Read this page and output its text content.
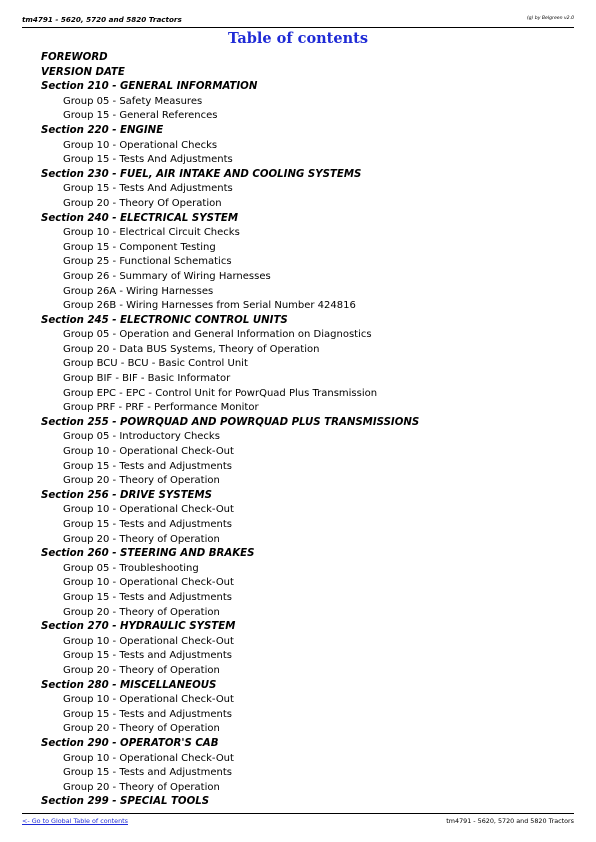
tm4791 - 5620, 5720 and 5820 Tractors	(g) by Belgreen v2.0
Table of contents
FOREWORD
VERSION DATE
Section 210 - GENERAL INFORMATION
Group 05 - Safety Measures
Group 15 - General References
Section 220 - ENGINE
Group 10 - Operational Checks
Group 15 - Tests And Adjustments
Section 230 - FUEL, AIR INTAKE AND COOLING SYSTEMS
Group 15 - Tests And Adjustments
Group 20 - Theory Of Operation
Section 240 - ELECTRICAL SYSTEM
Group 10 - Electrical Circuit Checks
Group 15 - Component Testing
Group 25 - Functional Schematics
Group 26 - Summary of Wiring Harnesses
Group 26A - Wiring Harnesses
Group 26B - Wiring Harnesses from Serial Number 424816
Section 245 - ELECTRONIC CONTROL UNITS
Group 05 - Operation and General Information on Diagnostics
Group 20 - Data BUS Systems, Theory of Operation
Group BCU - BCU - Basic Control Unit
Group BIF - BIF - Basic Informator
Group EPC - EPC - Control Unit for PowrQuad Plus Transmission
Group PRF - PRF - Performance Monitor
Section 255 - POWRQUAD AND POWRQUAD PLUS TRANSMISSIONS
Group 05 - Introductory Checks
Group 10 - Operational Check-Out
Group 15 - Tests and Adjustments
Group 20 - Theory of Operation
Section 256 - DRIVE SYSTEMS
Group 10 - Operational Check-Out
Group 15 - Tests and Adjustments
Group 20 - Theory of Operation
Section 260 - STEERING AND BRAKES
Group 05 - Troubleshooting
Group 10 - Operational Check-Out
Group 15 - Tests and Adjustments
Group 20 - Theory of Operation
Section 270 - HYDRAULIC SYSTEM
Group 10 - Operational Check-Out
Group 15 - Tests and Adjustments
Group 20 - Theory of Operation
Section 280 - MISCELLANEOUS
Group 10 - Operational Check-Out
Group 15 - Tests and Adjustments
Group 20 - Theory of Operation
Section 290 - OPERATOR'S CAB
Group 10 - Operational Check-Out
Group 15 - Tests and Adjustments
Group 20 - Theory of Operation
Section 299 - SPECIAL TOOLS
<- Go to Global Table of contents	tm4791 - 5620, 5720 and 5820 Tractors
